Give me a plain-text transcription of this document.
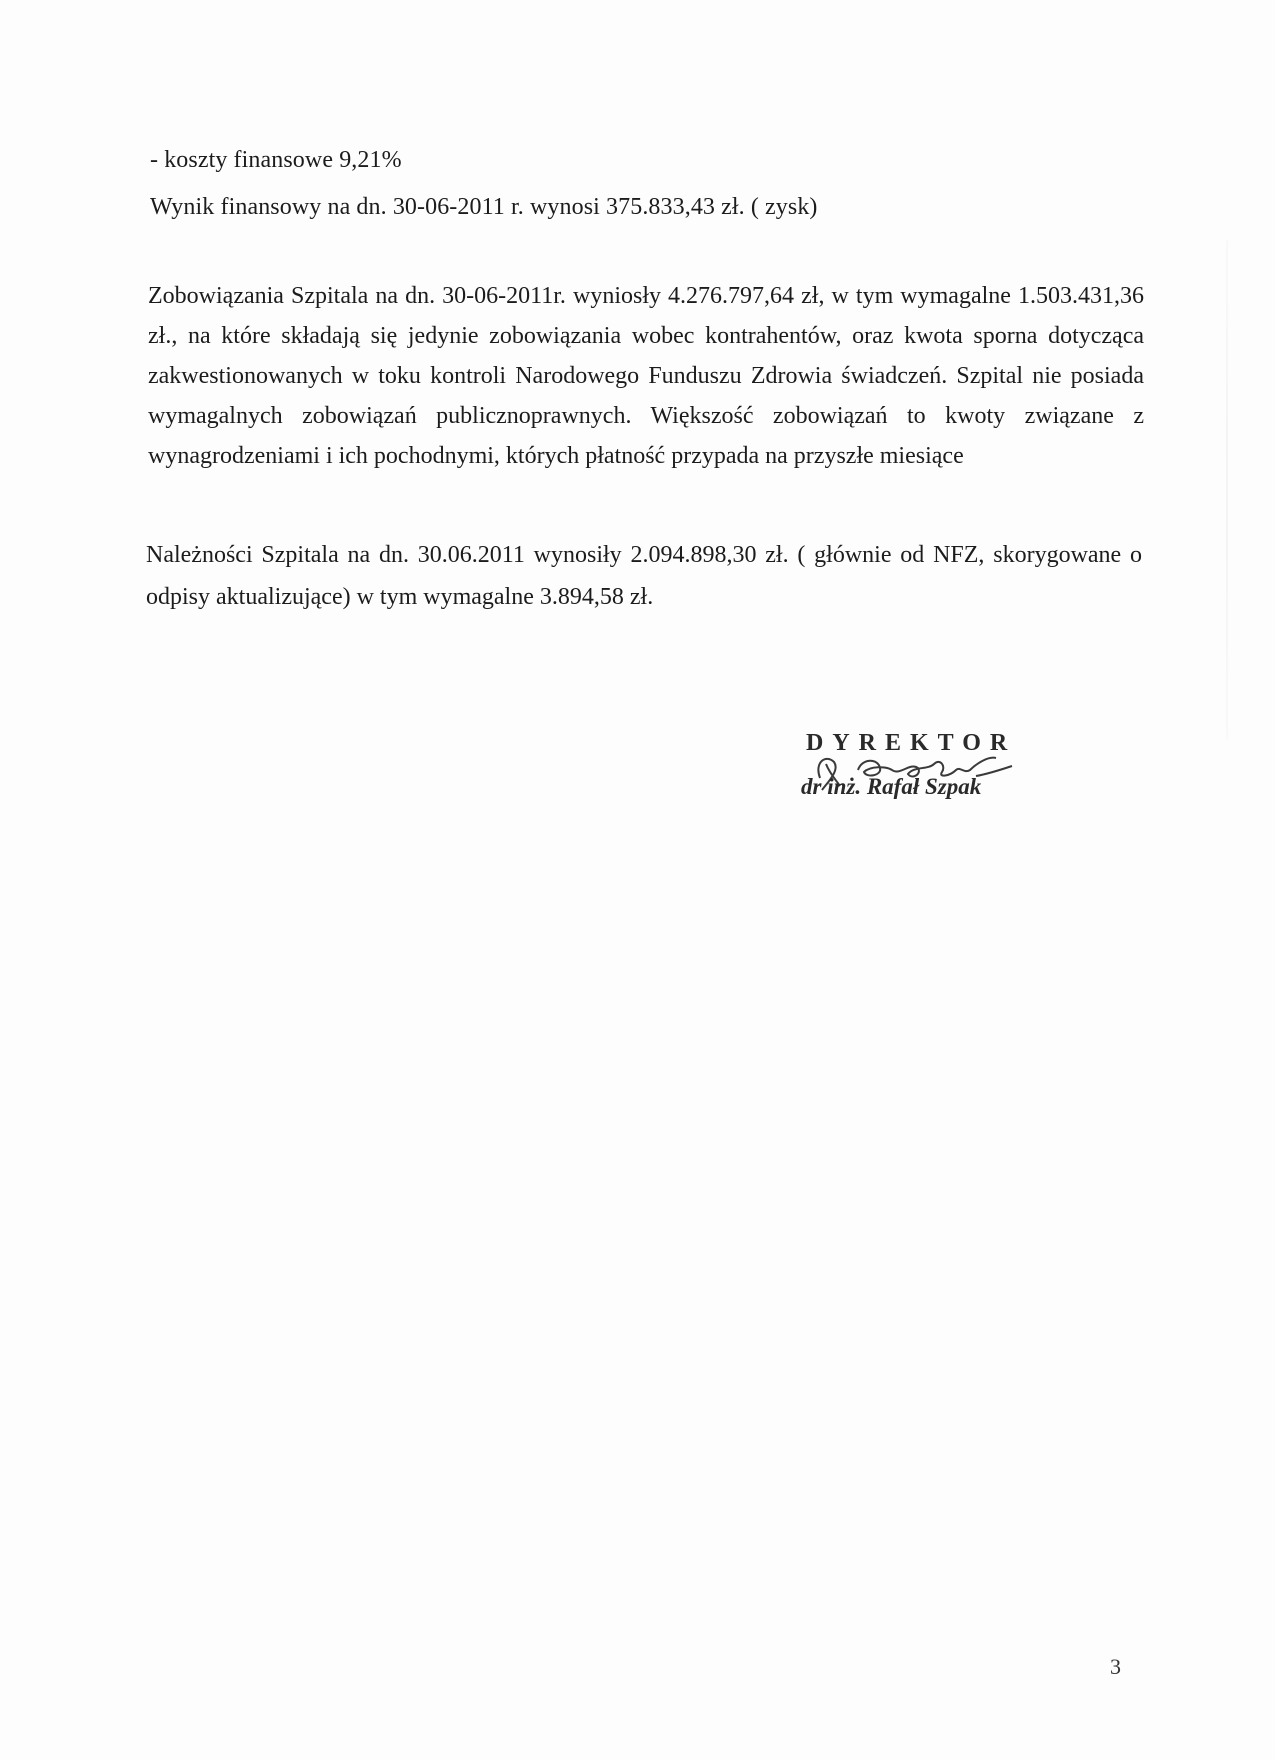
- koszty finansowe 9,21%
Wynik finansowy na dn. 30-06-2011 r. wynosi 375.833,43 zł. ( zysk)
Zobowiązania Szpitala na dn. 30-06-2011r. wyniosły 4.276.797,64 zł, w tym wymagalne 1.503.431,36 zł., na które składają się jedynie zobowiązania wobec kontrahentów, oraz kwota sporna dotycząca zakwestionowanych w toku kontroli Narodowego Funduszu Zdrowia świadczeń. Szpital nie posiada wymagalnych zobowiązań publicznoprawnych. Większość zobowiązań to kwoty związane z wynagrodzeniami i ich pochodnymi, których płatność przypada na przyszłe miesiące
Należności Szpitala na dn. 30.06.2011 wynosiły 2.094.898,30 zł. ( głównie od NFZ, skorygowane o odpisy aktualizujące) w tym wymagalne 3.894,58 zł.
DYREKTOR
dr inż. Rafał Szpak
3
